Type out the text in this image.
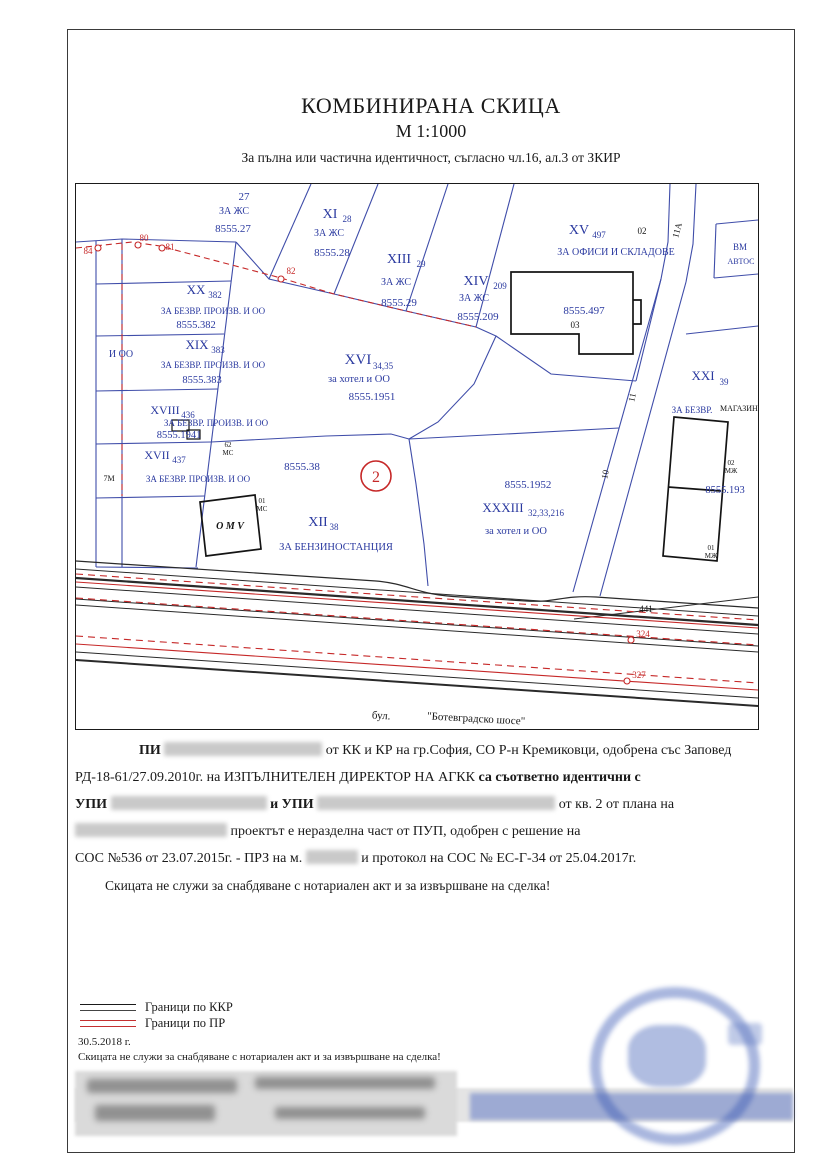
КОМБИНИРАНА СКИЦА
М 1:1000
За пълна или частична идентичност, съгласно чл.16, ал.3 от ЗКИР
27
ЗА ЖС
8555.27
XI 28
ЗА ЖС
8555.28	XIII 29
ЗА ЖС
8555.29
XIV 209
ЗА ЖС
8555.209
XV 497	02
ЗА ОФИСИ И СКЛАДОВЕ
8555.497
03
ВМ
АВТОС
XX 382
ЗА БЕЗВР. ПРОИЗВ. И ОО
8555.382
И ОО
XIX 383
ЗА БЕЗВР. ПРОИЗВ. И ОО
8555.383
XVI 34,35
за хотел и ОО
8555.1951
XVIII 436
ЗА БЕЗВР. ПРОИЗВ. И ОО
8555.1941
62
МС
XVII 437
7М	ЗА БЕЗВР. ПРОИЗВ. И ОО
8555.38
2	8555.1952
XXXIII 32,33,216
за хотел и ОО
01
МС
О М V	XII 38
ЗА БЕНЗИНОСТАНЦИЯ
XXI 39
ЗА БЕЗВР. МАГАЗИН
02
МЖ
8555.193
01
МЖ
10
11
11А
441
84
80
81
82
324
327
бул.	"Ботевградско шосе"
ПИ	от КК и КР на гр.София, СО Р-н Кремиковци, одобрена със Заповед
РД-18-61/27.09.2010г. на ИЗПЪЛНИТЕЛЕН ДИРЕКТОР НА АГКК са съответно идентични с
УПИ	и УПИ	от кв. 2 от плана на
проектът е неразделна част от ПУП, одобрен с решение на
СОС №536 от 23.07.2015г. - ПРЗ на м.	и протокол на СОС № ЕС-Г-34 от 25.04.2017г.
Скицата не служи за снабдяване с нотариален акт и за извършване на сделка!
Граници по ККР
Граници по ПР
30.5.2018 г.
Скицата не служи за снабдяване с нотариален акт и за извършване на сделка!
